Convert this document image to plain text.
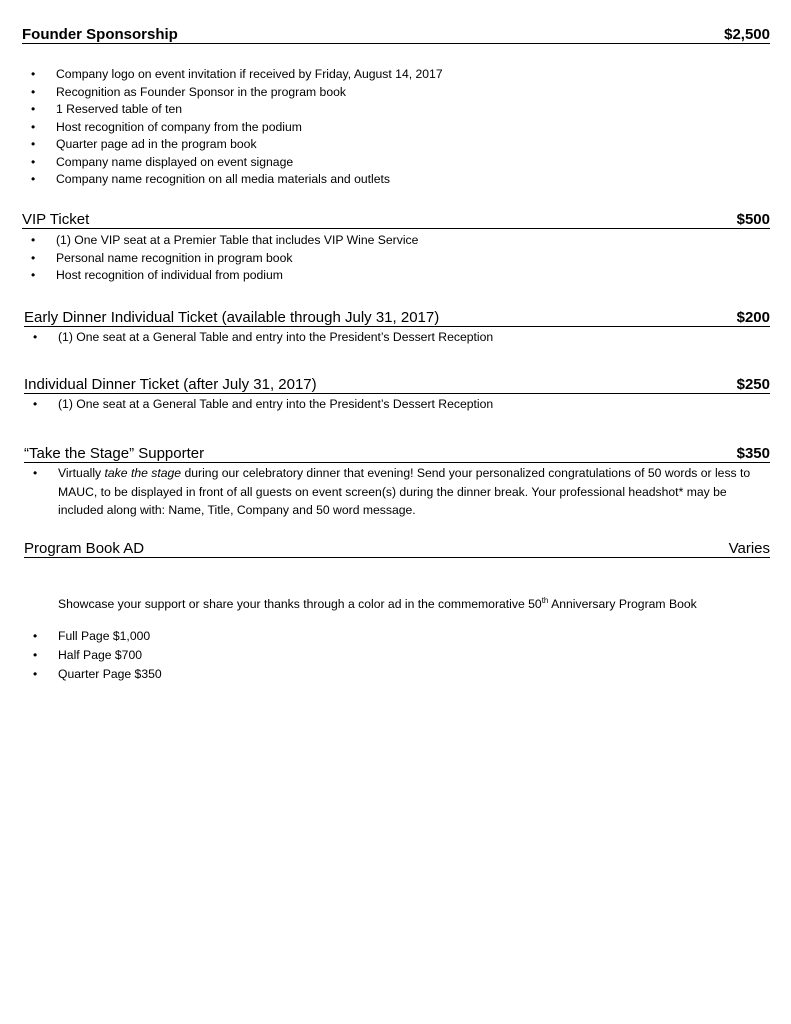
Founder Sponsorship	$2,500
• Company logo on event invitation if received by Friday, August 14, 2017
• Recognition as Founder Sponsor in the program book
• 1 Reserved table of ten
• Host recognition of company from the podium
• Quarter page ad in the program book
• Company name displayed on event signage
• Company name recognition on all media materials and outlets
VIP Ticket	$500
• (1) One VIP seat at a Premier Table that includes VIP Wine Service
• Personal name recognition in program book
• Host recognition of individual from podium
Early Dinner Individual Ticket (available through July 31, 2017)	$200
• (1) One seat at a General Table and entry into the President’s Dessert Reception
Individual Dinner Ticket (after July 31, 2017)	$250
• (1) One seat at a General Table and entry into the President’s Dessert Reception
“Take the Stage” Supporter	$350
• Virtually take the stage during our celebratory dinner that evening! Send your personalized congratulations of 50 words or less to MAUC, to be displayed in front of all guests on event screen(s) during the dinner break. Your professional headshot* may be included along with: Name, Title, Company and 50 word message.
Program Book AD	Varies
Showcase your support or share your thanks through a color ad in the commemorative 50th Anniversary Program Book
• Full Page $1,000
• Half Page $700
• Quarter Page $350
